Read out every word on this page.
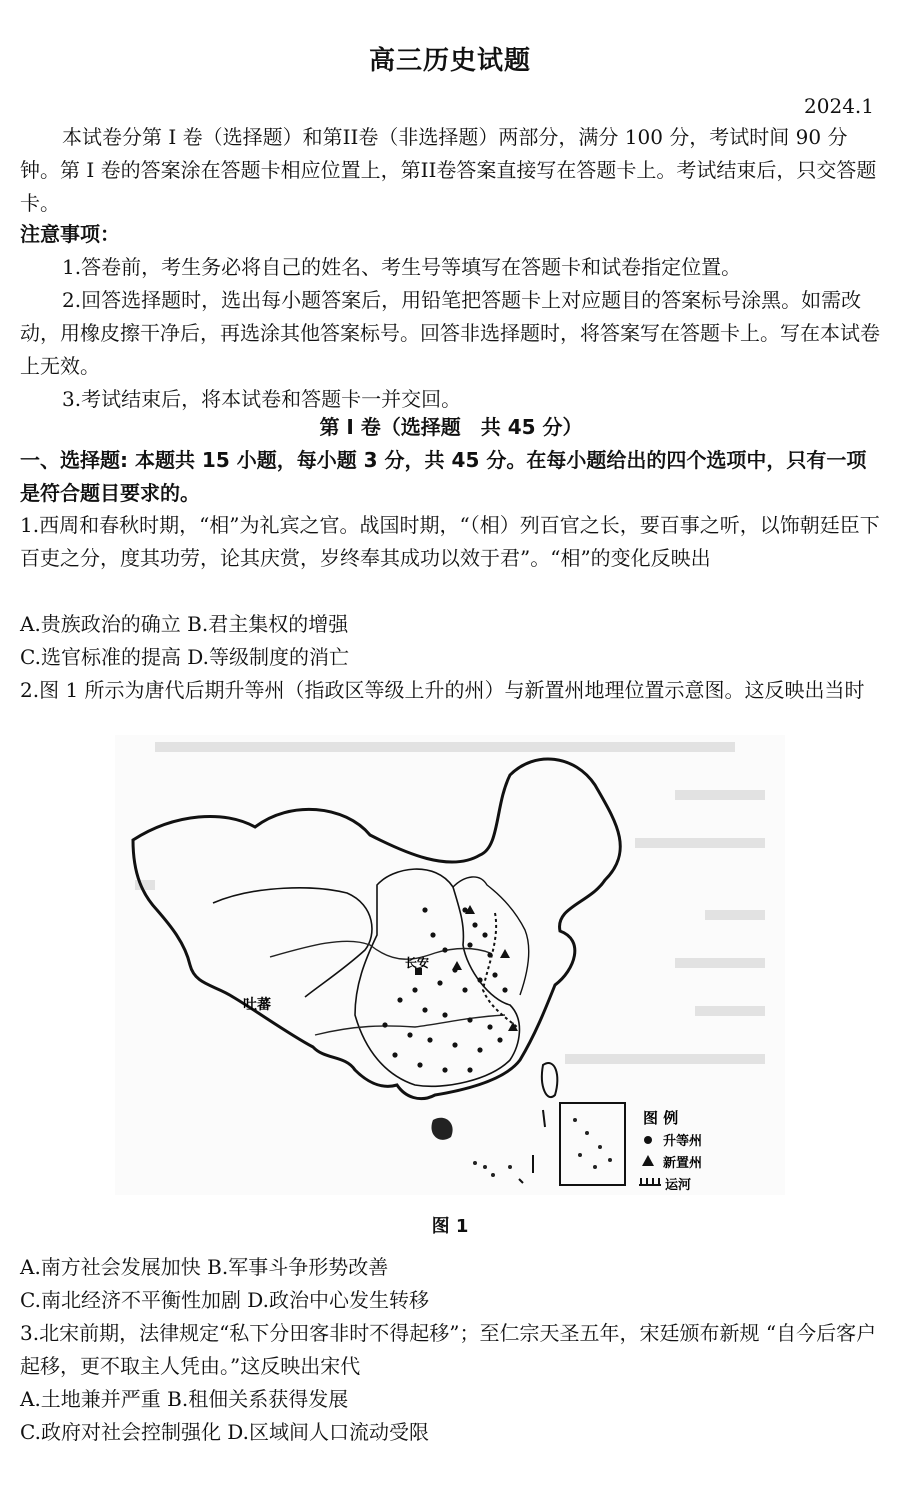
高三历史试题
2024.1
本试卷分第 I 卷（选择题）和第II卷（非选择题）两部分，满分 100 分，考试时间 90 分钟。第 I 卷的答案涂在答题卡相应位置上，第II卷答案直接写在答题卡上。考试结束后，只交答题卡。
注意事项：
1.答卷前，考生务必将自己的姓名、考生号等填写在答题卡和试卷指定位置。
2.回答选择题时，选出每小题答案后，用铅笔把答题卡上对应题目的答案标号涂黑。如需改动，用橡皮擦干净后，再选涂其他答案标号。回答非选择题时，将答案写在答题卡上。写在本试卷上无效。
3.考试结束后，将本试卷和答题卡一并交回。
第 I 卷（选择题　共 45 分）
一、选择题: 本题共 15 小题，每小题 3 分，共 45 分。在每小题给出的四个选项中，只有一项是符合题目要求的。
1.西周和春秋时期，“相”为礼宾之官。战国时期，“（相）列百官之长，要百事之听，以饰朝廷臣下百吏之分，度其功劳，论其庆赏，岁终奉其成功以效于君”。“相”的变化反映出
A.贵族政治的确立 B.君主集权的增强
C.选官标准的提高 D.等级制度的消亡
2.图 1 所示为唐代后期升等州（指政区等级上升的州）与新置州地理位置示意图。这反映出当时
长安
吐蕃
图 例
升等州
新置州
运河
图 1
A.南方社会发展加快 B.军事斗争形势改善
C.南北经济不平衡性加剧 D.政治中心发生转移
3.北宋前期，法律规定“私下分田客非时不得起移”；至仁宗天圣五年，宋廷颁布新规 “自今后客户起移，更不取主人凭由。”这反映出宋代
A.土地兼并严重 B.租佃关系获得发展
C.政府对社会控制强化 D.区域间人口流动受限
